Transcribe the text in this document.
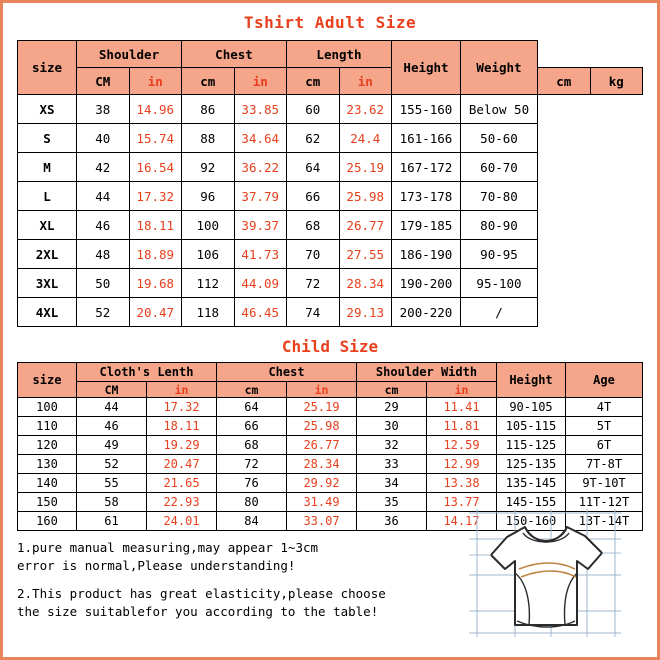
Tshirt Adult Size
size	Shoulder		Chest		Length		Height	Weight		
	CM	in	cm	in	cm	in			cm	kg
XS	38	14.96	86	33.85	60	23.62	155-160	Below 50		
S	40	15.74	88	34.64	62	24.4	161-166	50-60		
M	42	16.54	92	36.22	64	25.19	167-172	60-70		
L	44	17.32	96	37.79	66	25.98	173-178	70-80		
XL	46	18.11	100	39.37	68	26.77	179-185	80-90		
2XL	48	18.89	106	41.73	70	27.55	186-190	90-95		
3XL	50	19.68	112	44.09	72	28.34	190-200	95-100		
4XL	52	20.47	118	46.45	74	29.13	200-220	/		
Child Size
size	Cloth's Lenth		Chest		Shoulder Width		Height	Age
	CM	in	cm	in	cm	in		
100	44	17.32	64	25.19	29	11.41	90-105	4T
110	46	18.11	66	25.98	30	11.81	105-115	5T
120	49	19.29	68	26.77	32	12.59	115-125	6T
130	52	20.47	72	28.34	33	12.99	125-135	7T-8T
140	55	21.65	76	29.92	34	13.38	135-145	9T-10T
150	58	22.93	80	31.49	35	13.77	145-155	11T-12T
160	61	24.01	84	33.07	36	14.17	150-160	13T-14T

1.pure manual measuring,may appear 1~3cm
error is normal,Please understanding!

2.This product has great elasticity,please choose
the size suitablefor you according to the table!
